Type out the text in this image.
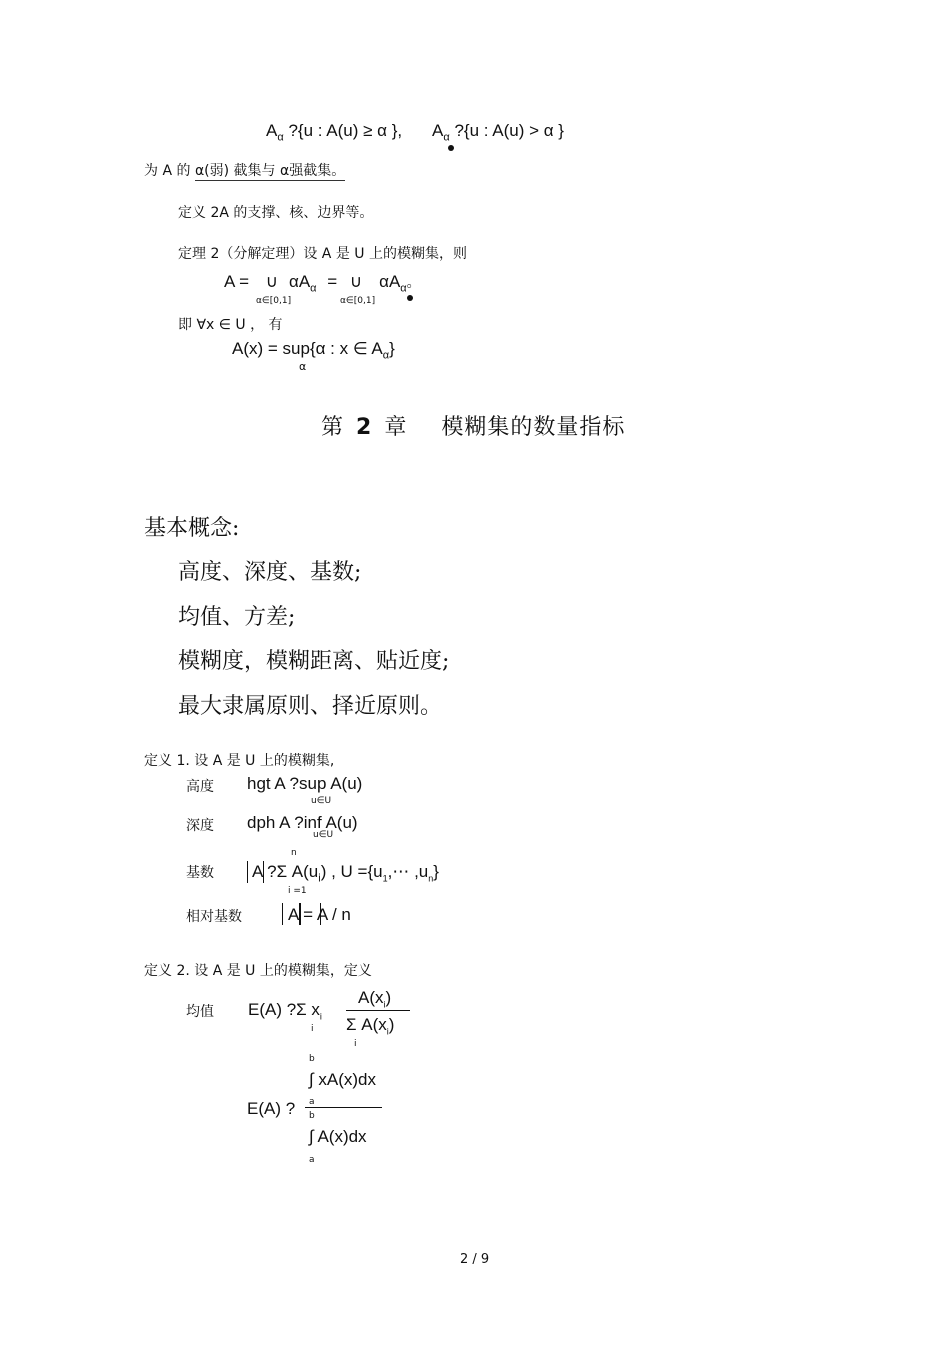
$A_\alpha$ ?{u : A(u) ≥ α }, $A_\alpha$ ?{u : A(u) > α }
为 A 的 α(弱) 截集与 α强截集。
定义 2A 的支撑、核、边界等。
定理 2（分解定理）设 A 是 U 上的模糊集，则
A = ∪ $\alpha A_\alpha$ = ∪ $\alpha A_\alpha$。
α∈[0,1]	α∈[0,1]
即 ∀x ∈ U ， 有
A(x) = sup{α : x ∈ $A_\alpha$}
α
第 2 章 模糊集的数量指标
基本概念:
高度、深度、基数;
均值、方差;
模糊度，模糊距离、贴近度;
最大隶属原则、择近原则。
定义 1. 设 A 是 U 上的模糊集,
高度 hgt A ?sup A(u)
u∈U
深度 dph A ?inf A(u)
u∈U
基数
n
A ?Σ $A(u_i)$ , $U =\{u_1,\cdots$ $,u_n$}
i =1
相对基数	A = A / n
定义 2. 设 A 是 U 上的模糊集，定义
均值 E(A) ?Σ $x_i$
i
$A(x_i)$
Σ $A(x_i)$
i
b
∫ xA(x)dx
a
E(A) ? b
∫ A(x)dx
a
2 / 9
